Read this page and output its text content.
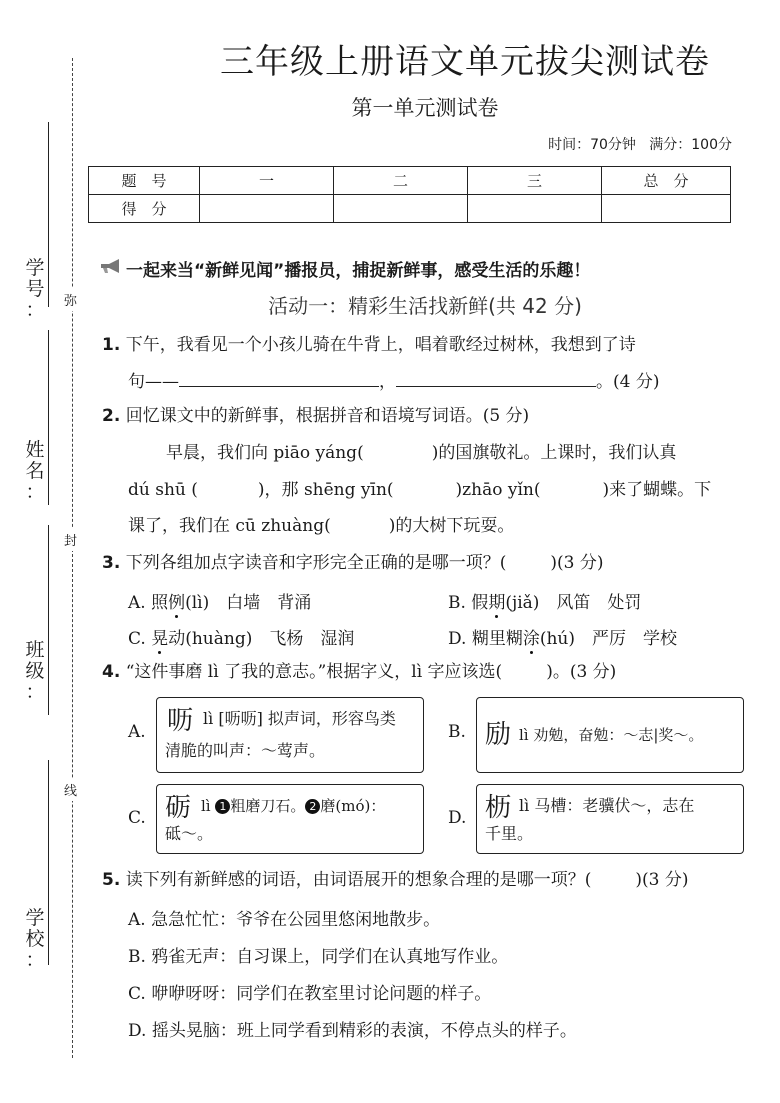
弥
封
线
学
号
：
姓
名
：
班
级
：
学
校
：
三年级上册语文单元拔尖测试卷
第一单元测试卷
时间：70分钟 满分：100分
题　号	一	二	三	总　分
得　分				
一起来当“新鲜见闻”播报员，捕捉新鲜事，感受生活的乐趣！
活动一：精彩生活找新鲜(共 42 分)
1. 下午，我看见一个小孩儿骑在牛背上，唱着歌经过树林，我想到了诗
句——	，	。(4 分)
2. 回忆课文中的新鲜事，根据拼音和语境写词语。(5 分)
早晨，我们向 piāo yáng(	)的国旗敬礼。上课时，我们认真
dú shū (	)，那 shēng yīn(	)zhāo yǐn(	)来了蝴蝶。下
课了，我们在 cū zhuàng(	)的大树下玩耍。
3. 下列各组加点字读音和字形完全正确的是哪一项？(	)(3 分)
A. 照例(lì)　白墙　背涌	B. 假期(jiǎ)　风笛　处罚
C. 晃动(huàng)　飞杨　湿润	D. 糊里糊涂(hú)　严厉　学校
4. “这件事磨 lì 了我的意志。”根据字义，lì 字应该选(	)。(3 分)
A. 呖 lì [呖呖] 拟声词，形容鸟类
清脆的叫声：～莺声。
B. 励 lì 劝勉，奋勉：～志|奖～。
C. 砺 lì 1 粗磨刀石。 2 磨(mó)：
砥～。
D. 枥 lì 马槽：老骥伏～，志在
千里。
5. 读下列有新鲜感的词语，由词语展开的想象合理的是哪一项？(	)(3 分)
A. 急急忙忙：爷爷在公园里悠闲地散步。
B. 鸦雀无声：自习课上，同学们在认真地写作业。
C. 咿咿呀呀：同学们在教室里讨论问题的样子。
D. 摇头晃脑：班上同学看到精彩的表演，不停点头的样子。
